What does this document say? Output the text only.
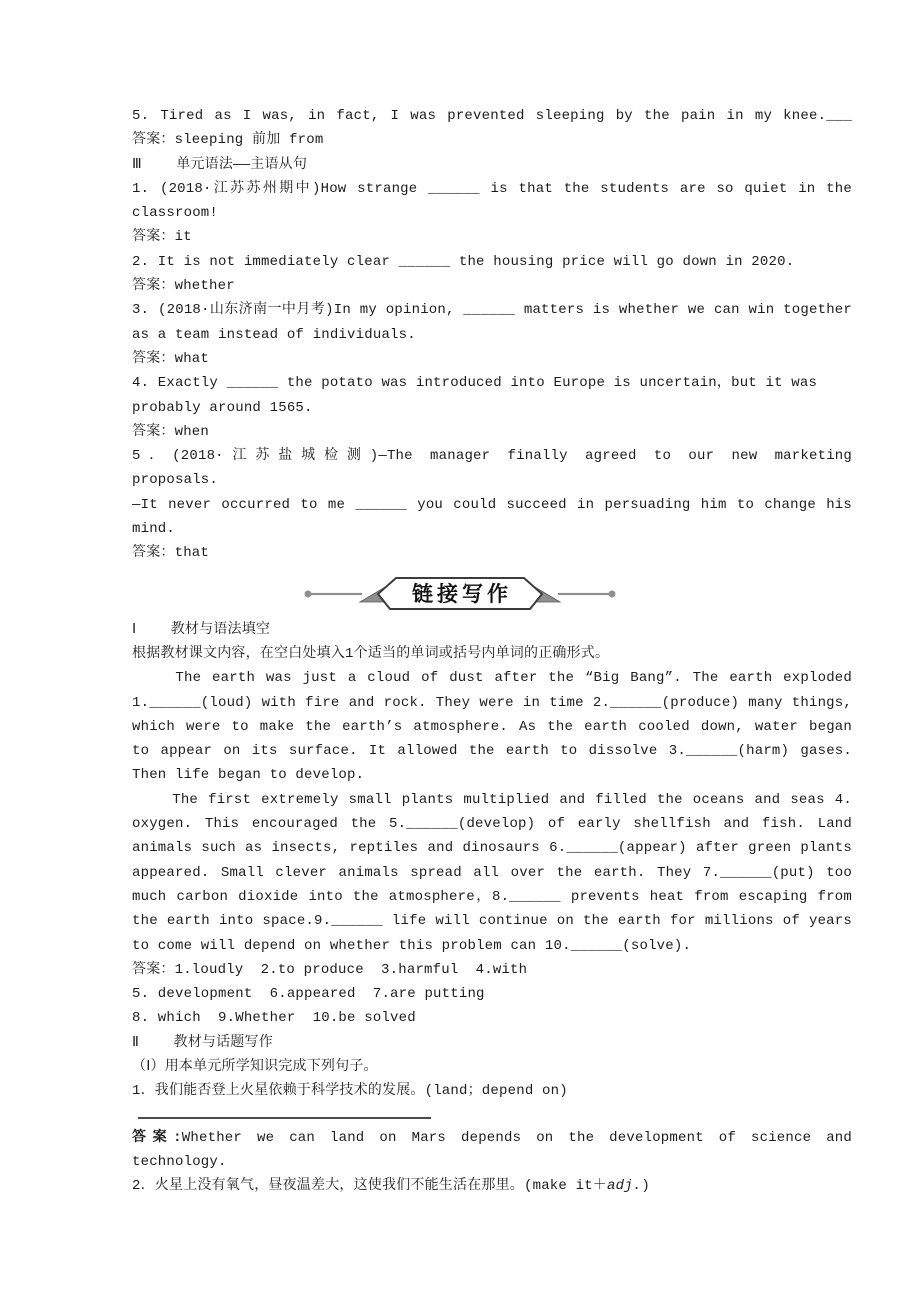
5. Tired as I was, in fact, I was prevented sleeping by the pain in my knee.___
答案：sleeping 前加 from
Ⅲ    单元语法——主语从句
1. (2018·江苏苏州期中)How strange ______ is that the students are so quiet in the
classroom!
答案：it
2. It is not immediately clear ______ the housing price will go down in 2020.
答案：whether
3. (2018·山东济南一中月考)In my opinion, ______ matters is whether we can win together
as a team instead of individuals.
答案：what
4. Exactly ______ the potato was introduced into Europe is uncertain，but it was
probably around 1565.
答案：when
5．(2018·江苏盐城检测)—The manager finally agreed to our new marketing
proposals.
—It never occurred to me ______ you could succeed in persuading him to change his
mind.
答案：that
链接写作
Ⅰ    教材与语法填空
根据教材课文内容，在空白处填入1个适当的单词或括号内单词的正确形式。
The earth was just a cloud of dust after the “Big Bang”. The earth exploded
1.______(loud) with fire and rock. They were in time 2.______(produce) many things,
which were to make the earth’s atmosphere. As the earth cooled down, water began
to appear on its surface. It allowed the earth to dissolve 3.______(harm) gases.
Then life began to develop.
The first extremely small plants multiplied and filled the oceans and seas 4.
oxygen. This encouraged the 5.______(develop) of early shellfish and fish. Land
animals such as insects, reptiles and dinosaurs 6.______(appear) after green plants
appeared. Small clever animals spread all over the earth. They 7.______(put) too
much carbon dioxide into the atmosphere，8.______ prevents heat from escaping from
the earth into space.9.______ life will continue on the earth for millions of years
to come will depend on whether this problem can 10.______(solve).
答案：1.loudly  2.to produce  3.harmful  4.with
5. development  6.appeared  7.are putting
8. which  9.Whether  10.be solved
Ⅱ    教材与话题写作
（Ⅰ）用本单元所学知识完成下列句子。
1．我们能否登上火星依赖于科学技术的发展。(land；depend on)
答案:Whether we can land on Mars depends on the development of science and technology.
2．火星上没有氧气，昼夜温差大，这使我们不能生活在那里。(make it＋adj.)
